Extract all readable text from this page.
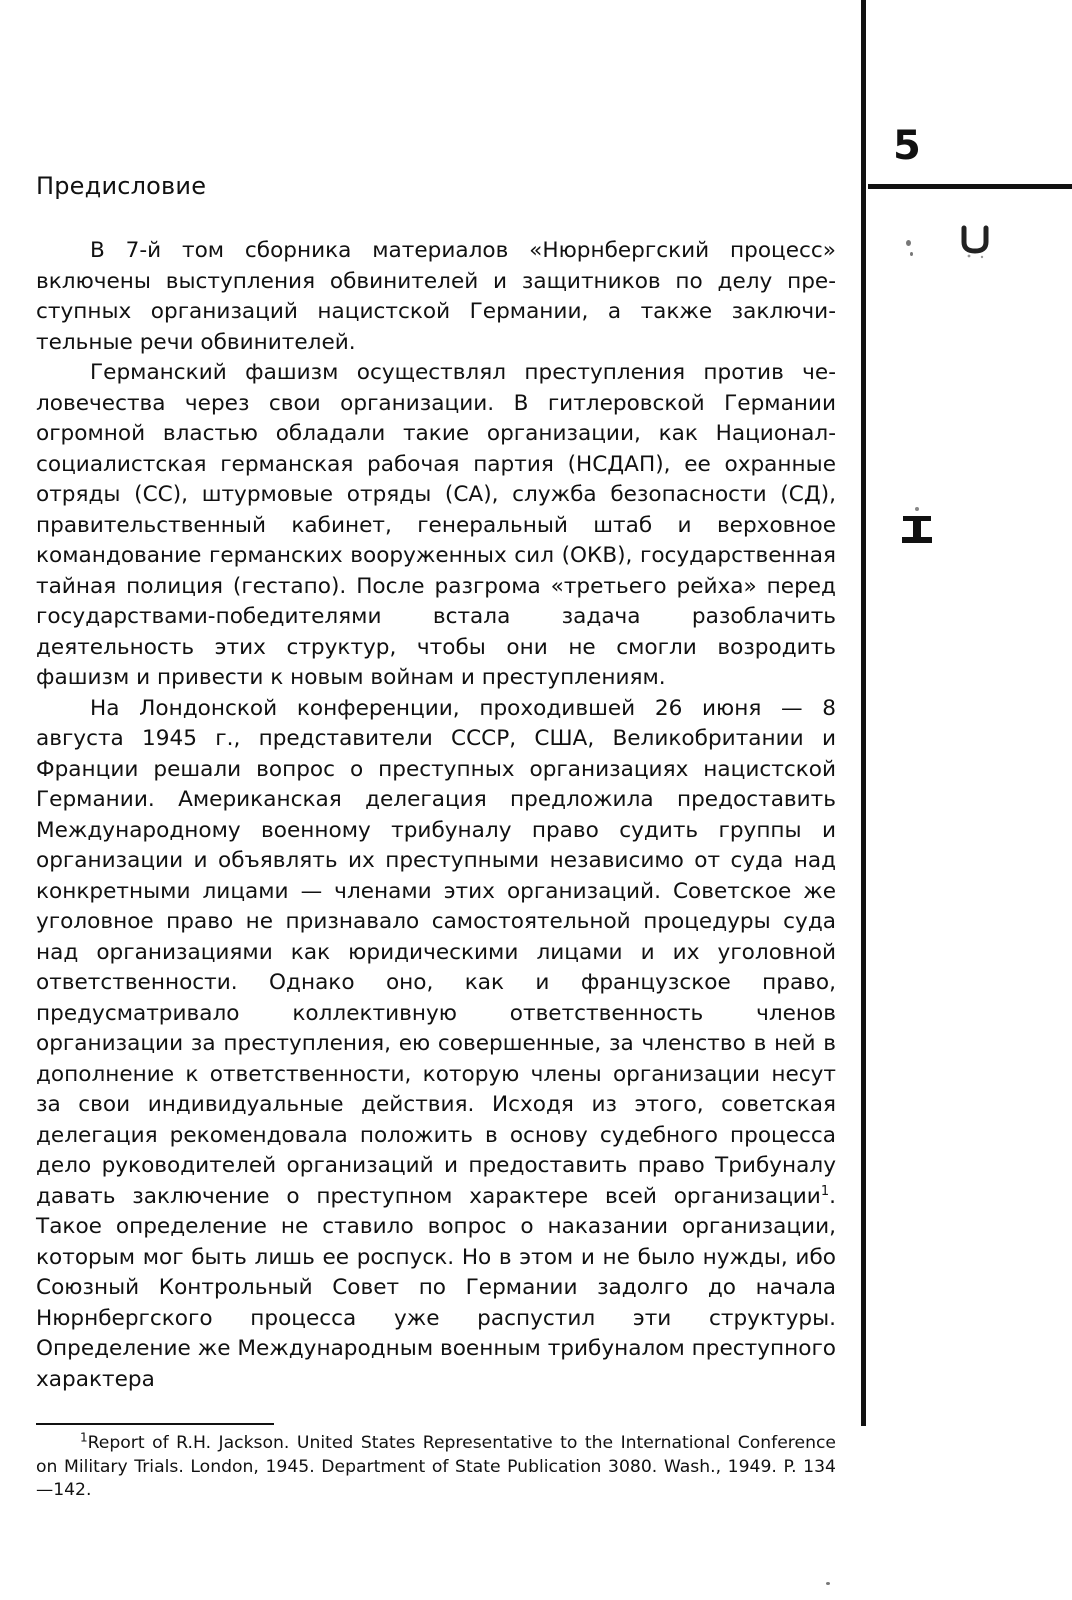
5
Предисловие

В 7-й том сборника материалов «Нюрнбергский процесс» включены выступления обвинителей и защитников по делу преступных организаций нацистской Германии, а также заключительные речи обвинителей.

Германский фашизм осуществлял преступления против человечества через свои организации. В гитлеровской Германии огромной властью обладали такие организации, как Националсоциалистская германская рабочая партия (НСДАП), ее охранные отряды (СС), штурмовые отряды (СА), служба безопасности (СД), правительственный кабинет, генеральный штаб и верховное командование германских вооруженных сил (ОКВ), государственная тайная полиция (гестапо). После разгрома «третьего рейха» перед государствами-победителями встала задача разоблачить деятельность этих структур, чтобы они не смогли возродить фашизм и привести к новым войнам и преступлениям.

На Лондонской конференции, проходившей 26 июня — 8 августа 1945 г., представители СССР, США, Великобритании и Франции решали вопрос о преступных организациях нацистской Германии. Американская делегация предложила предоставить Международному военному трибуналу право судить группы и организации и объявлять их преступными независимо от суда над конкретными лицами — членами этих организаций. Советское же уголовное право не признавало самостоятельной процедуры суда над организациями как юридическими лицами и их уголовной ответственности. Однако оно, как и французское право, предусматривало коллективную ответственность членов организации за преступления, ею совершенные, за членство в ней в дополнение к ответственности, которую члены организации несут за свои индивидуальные действия. Исходя из этого, советская делегация рекомендовала положить в основу судебного процесса дело руководителей организаций и предоставить право Трибуналу давать заключение о преступном характере всей организации$^1$. Такое определение не ставило вопрос о наказании организации, которым мог быть лишь ее роспуск. Но в этом и не было нужды, ибо Союзный Контрольный Совет по Германии задолго до начала Нюрнбергского процесса уже распустил эти структуры. Определение же Международным военным трибуналом преступного характера

$^1$Report of R.H. Jackson. United States Representative to the International Conference on Military Trials. London, 1945. Department of State Publication 3080. Wash., 1949. P. 134—142.
